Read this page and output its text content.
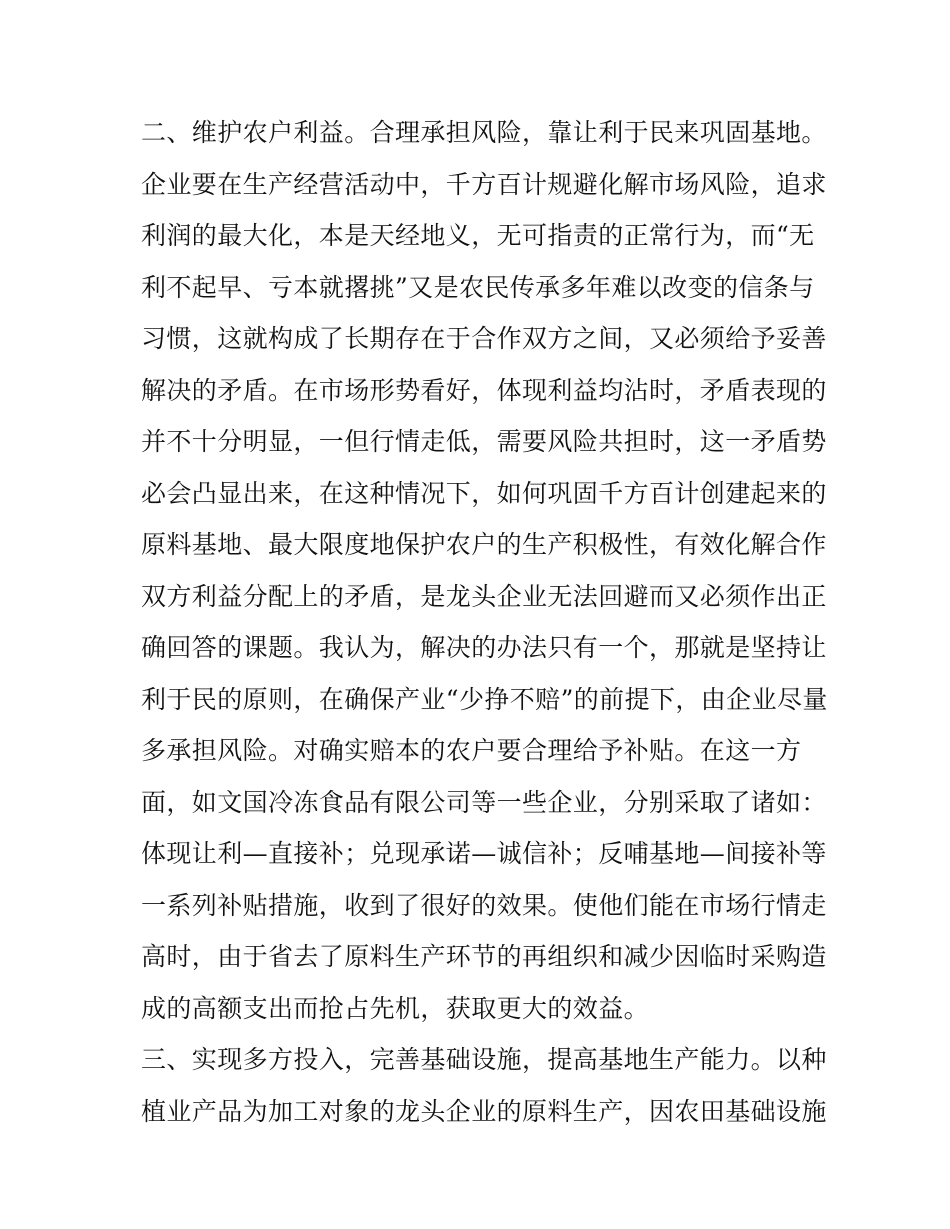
二、维护农户利益。合理承担风险，靠让利于民来巩固基地。
企业要在生产经营活动中，千方百计规避化解市场风险，追求
利润的最大化，本是天经地义，无可指责的正常行为，而“无
利不起早、亏本就撂挑”又是农民传承多年难以改变的信条与
习惯，这就构成了长期存在于合作双方之间，又必须给予妥善
解决的矛盾。在市场形势看好，体现利益均沾时，矛盾表现的
并不十分明显，一但行情走低，需要风险共担时，这一矛盾势
必会凸显出来，在这种情况下，如何巩固千方百计创建起来的
原料基地、最大限度地保护农户的生产积极性，有效化解合作
双方利益分配上的矛盾，是龙头企业无法回避而又必须作出正
确回答的课题。我认为，解决的办法只有一个，那就是坚持让
利于民的原则，在确保产业“少挣不赔”的前提下，由企业尽量
多承担风险。对确实赔本的农户要合理给予补贴。在这一方
面，如文国冷冻食品有限公司等一些企业，分别采取了诸如：
体现让利—直接补；兑现承诺—诚信补；反哺基地—间接补等
一系列补贴措施，收到了很好的效果。使他们能在市场行情走
高时，由于省去了原料生产环节的再组织和减少因临时采购造
成的高额支出而抢占先机，获取更大的效益。
三、实现多方投入，完善基础设施，提高基地生产能力。以种
植业产品为加工对象的龙头企业的原料生产，因农田基础设施
